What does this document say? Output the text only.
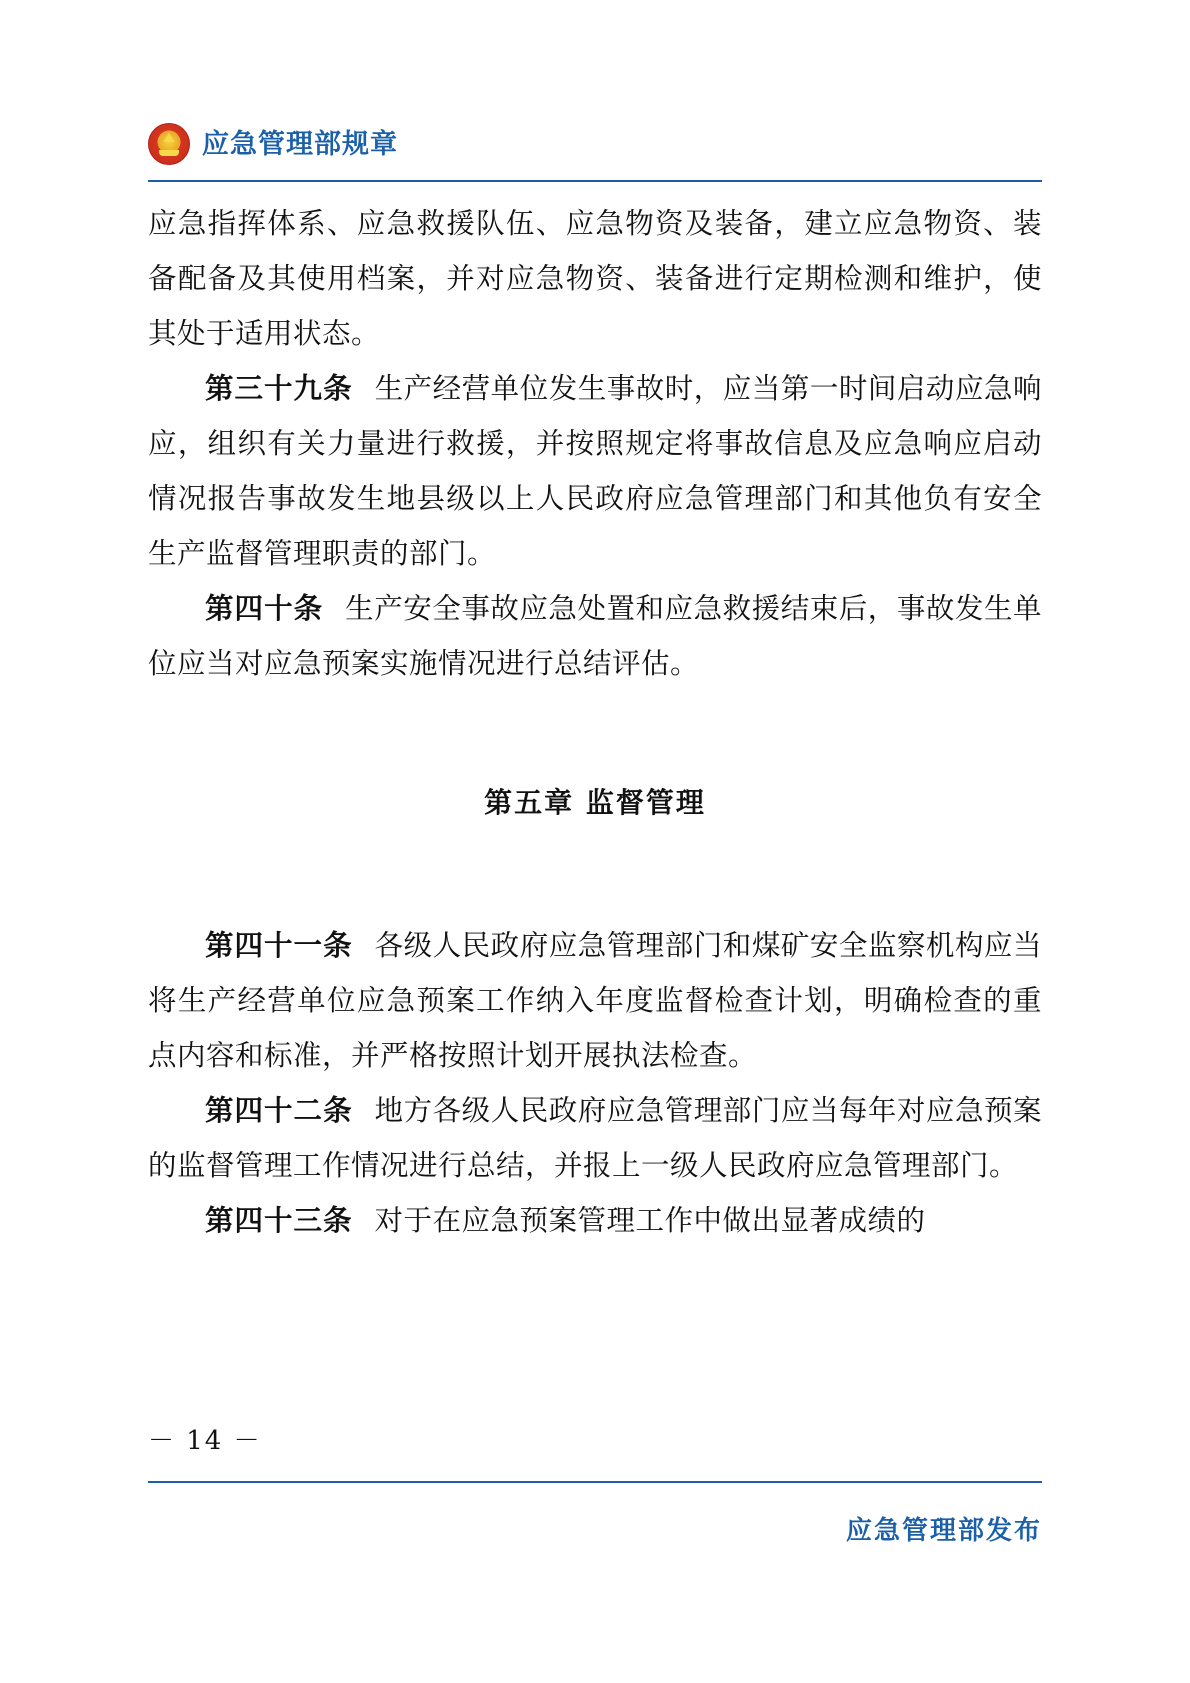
应急管理部规章

应急指挥体系、应急救援队伍、应急物资及装备，建立应急物资、装备配备及其使用档案，并对应急物资、装备进行定期检测和维护，使其处于适用状态。

第三十九条 生产经营单位发生事故时，应当第一时间启动应急响应，组织有关力量进行救援，并按照规定将事故信息及应急响应启动情况报告事故发生地县级以上人民政府应急管理部门和其他负有安全生产监督管理职责的部门。

第四十条 生产安全事故应急处置和应急救援结束后，事故发生单位应当对应急预案实施情况进行总结评估。

第五章 监督管理

第四十一条 各级人民政府应急管理部门和煤矿安全监察机构应当将生产经营单位应急预案工作纳入年度监督检查计划，明确检查的重点内容和标准，并严格按照计划开展执法检查。

第四十二条 地方各级人民政府应急管理部门应当每年对应急预案的监督管理工作情况进行总结，并报上一级人民政府应急管理部门。

第四十三条 对于在应急预案管理工作中做出显著成绩的

－ 14 －
应急管理部发布
